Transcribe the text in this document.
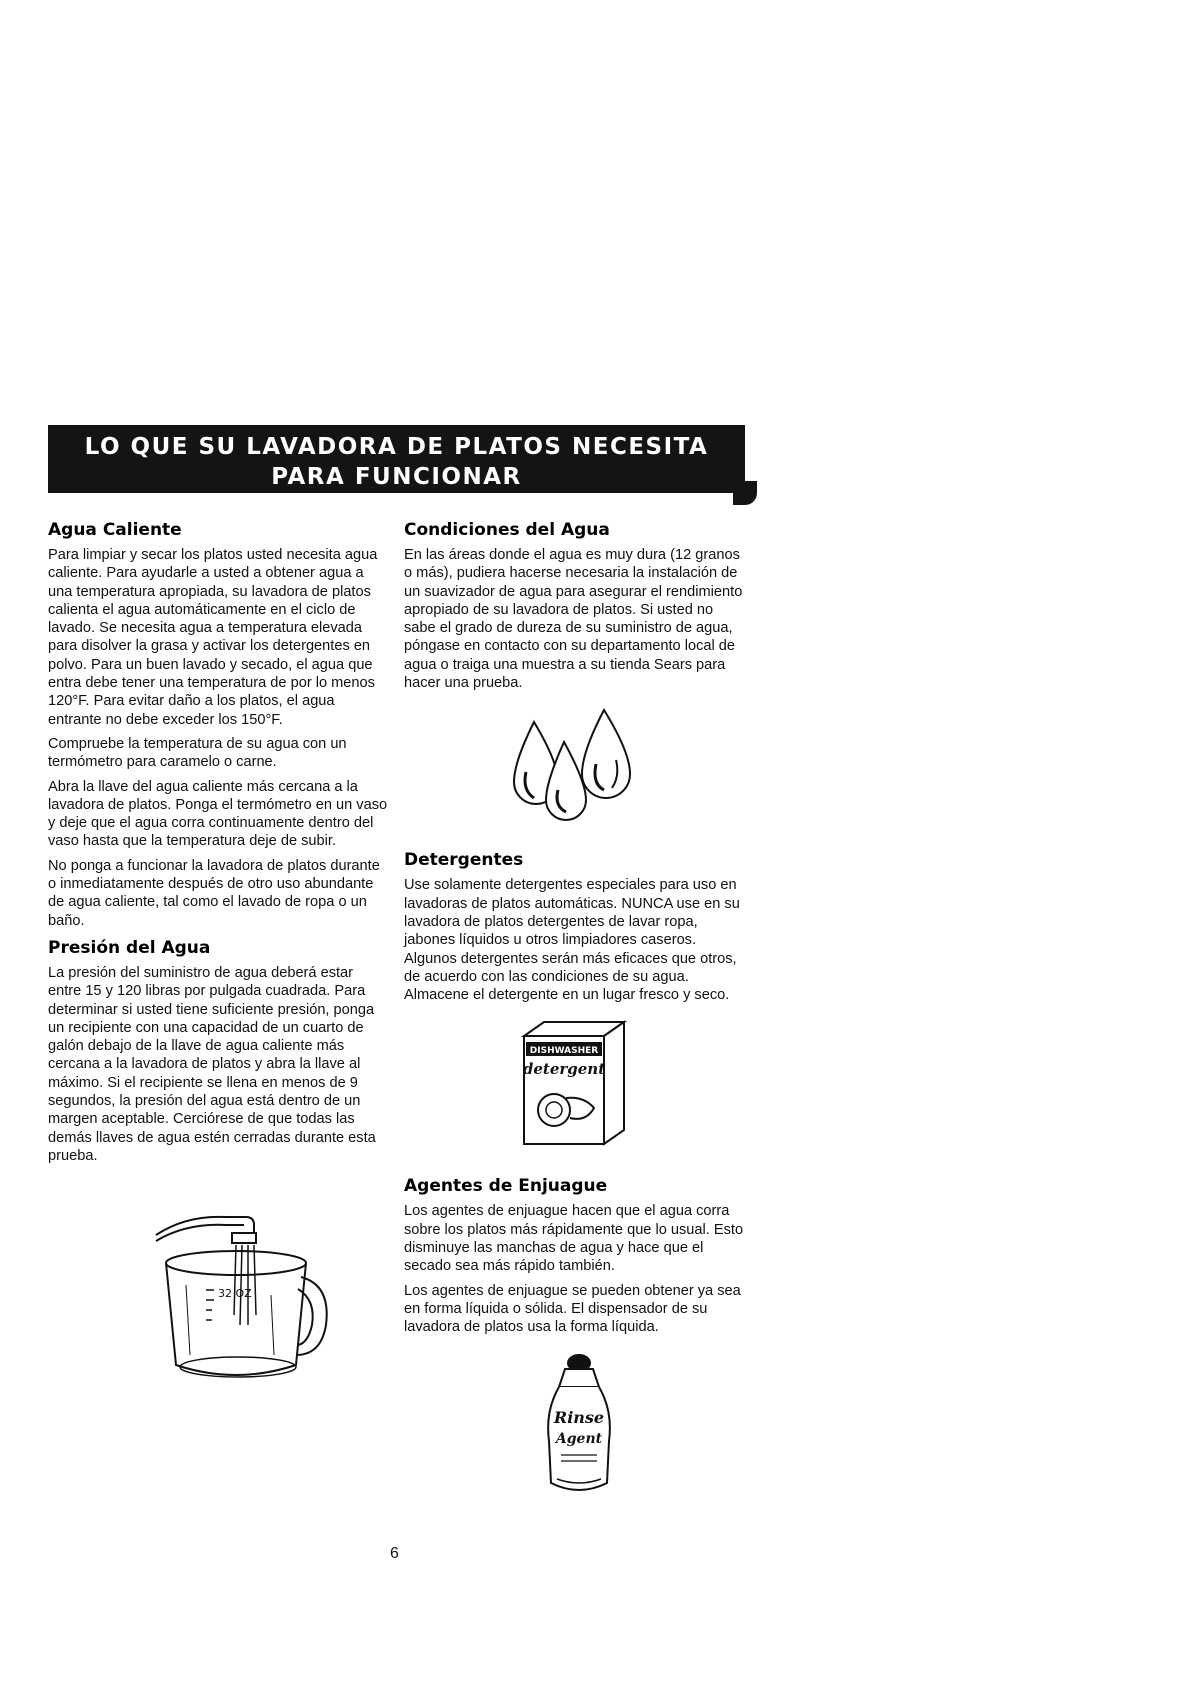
LO QUE SU LAVADORA DE PLATOS NECESITA
PARA FUNCIONAR
Agua Caliente

Para limpiar y secar los platos usted necesita agua caliente. Para ayudarle a usted a obtener agua a una temperatura apropiada, su lavadora de platos calienta el agua automáticamente en el ciclo de lavado. Se necesita agua a temperatura elevada para disolver la grasa y activar los detergentes en polvo. Para un buen lavado y secado, el agua que entra debe tener una temperatura de por lo menos 120°F. Para evitar daño a los platos, el agua entrante no debe exceder los 150°F.

Compruebe la temperatura de su agua con un termómetro para caramelo o carne.

Abra la llave del agua caliente más cercana a la lavadora de platos. Ponga el termómetro en un vaso y deje que el agua corra continuamente dentro del vaso hasta que la temperatura deje de subir.

No ponga a funcionar la lavadora de platos durante o inmediatamente después de otro uso abundante de agua caliente, tal como el lavado de ropa o un baño.

Presión del Agua

La presión del suministro de agua deberá estar entre 15 y 120 libras por pulgada cuadrada. Para determinar si usted tiene suficiente presión, ponga un recipiente con una capacidad de un cuarto de galón debajo de la llave de agua caliente más cercana a la lavadora de platos y abra la llave al máximo. Si el recipiente se llena en menos de 9 segundos, la presión del agua está dentro de un margen aceptable. Cerciórese de que todas las demás llaves de agua estén cerradas durante esta prueba.

32 OZ
Condiciones del Agua

En las áreas donde el agua es muy dura (12 granos o más), pudiera hacerse necesaria la instalación de un suavizador de agua para asegurar el rendimiento apropiado de su lavadora de platos. Si usted no sabe el grado de dureza de su suministro de agua, póngase en contacto con su departamento local de agua o traiga una muestra a su tienda Sears para hacer una prueba.

Detergentes

Use solamente detergentes especiales para uso en lavadoras de platos automáticas. NUNCA use en su lavadora de platos detergentes de lavar ropa, jabones líquidos u otros limpiadores caseros. Algunos detergentes serán más eficaces que otros, de acuerdo con las condiciones de su agua. Almacene el detergente en un lugar fresco y seco.

DISHWASHER
detergent
Agentes de Enjuague

Los agentes de enjuague hacen que el agua corra sobre los platos más rápidamente que lo usual. Esto disminuye las manchas de agua y hace que el secado sea más rápido también.

Los agentes de enjuague se pueden obtener ya sea en forma líquida o sólida. El dispensador de su lavadora de platos usa la forma líquida.

Rinse
Agent
6
